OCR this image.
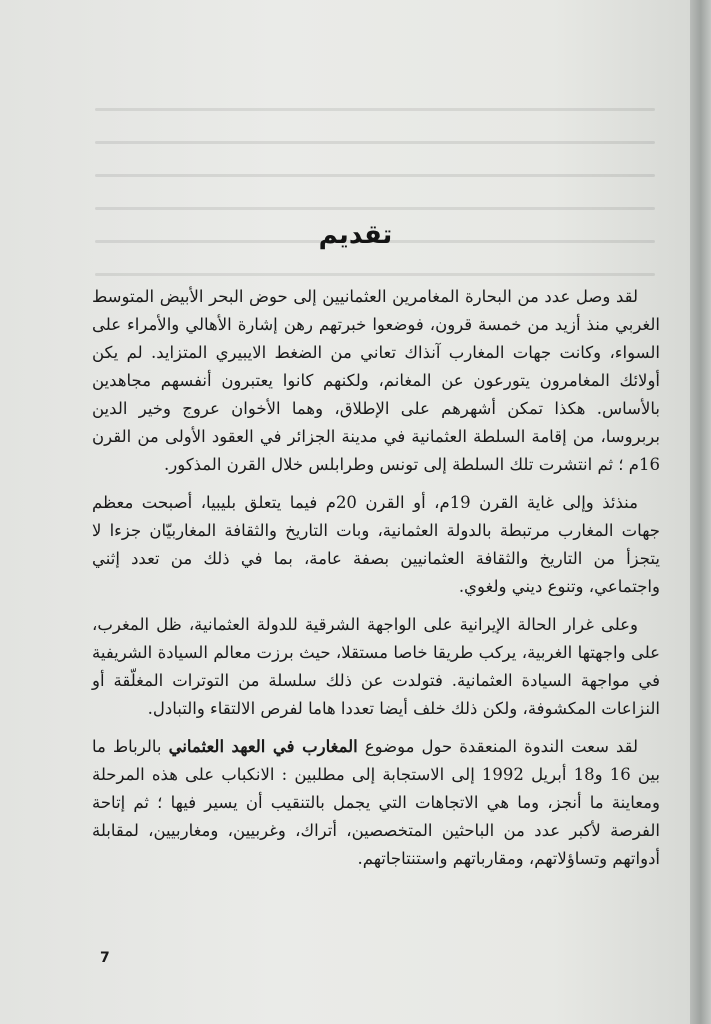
تقديم

لقد وصل عدد من البحارة المغامرين العثمانيين إلى حوض البحر الأبيض المتوسط الغربي منذ أزيد من خمسة قرون، فوضعوا خبرتهم رهن إشارة الأهالي والأمراء على السواء، وكانت جهات المغارب آنذاك تعاني من الضغط الايبيري المتزايد. لم يكن أولائك المغامرون يتورعون عن المغانم، ولكنهم كانوا يعتبرون أنفسهم مجاهدين بالأساس. هكذا تمكن أشهرهم على الإطلاق، وهما الأخوان عروج وخير الدين بربروسا، من إقامة السلطة العثمانية في مدينة الجزائر في العقود الأولى من القرن 16م ؛ ثم انتشرت تلك السلطة إلى تونس وطرابلس خلال القرن المذكور.

منذئذ وإلى غاية القرن 19م، أو القرن 20م فيما يتعلق بليبيا، أصبحت معظم جهات المغارب مرتبطة بالدولة العثمانية، وبات التاريخ والثقافة المغاربيّان جزءا لا يتجزأ من التاريخ والثقافة العثمانيين بصفة عامة، بما في ذلك من تعدد إثني واجتماعي، وتنوع ديني ولغوي.

وعلى غرار الحالة الإيرانية على الواجهة الشرقية للدولة العثمانية، ظل المغرب، على واجهتها الغربية، يركب طريقا خاصا مستقلا، حيث برزت معالم السيادة الشريفية في مواجهة السيادة العثمانية. فتولدت عن ذلك سلسلة من التوترات المغلّقة أو النزاعات المكشوفة، ولكن ذلك خلف أيضا تعددا هاما لفرص الالتقاء والتبادل.

لقد سعت الندوة المنعقدة حول موضوع المغارب في العهد العثماني بالرباط ما بين 16 و18 أبريل 1992 إلى الاستجابة إلى مطلبين : الانكباب على هذه المرحلة ومعاينة ما أنجز، وما هي الاتجاهات التي يجمل بالتنقيب أن يسير فيها ؛ ثم إتاحة الفرصة لأكبر عدد من الباحثين المتخصصين، أتراك، وغربيين، ومغاربيين، لمقابلة أدواتهم وتساؤلاتهم، ومقارباتهم واستنتاجاتهم.

7
